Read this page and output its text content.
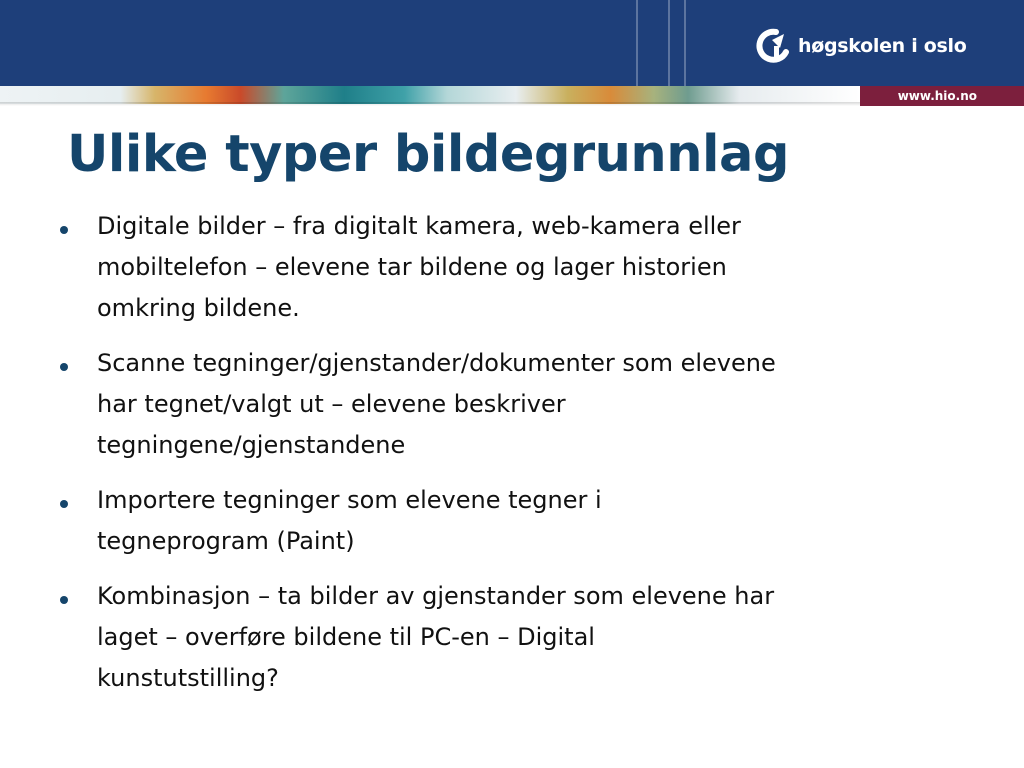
høgskolen i oslo
www.hio.no
Ulike typer bildegrunnlag
Digitale bilder – fra digitalt kamera, web-kamera eller
mobiltelefon – elevene tar bildene og lager historien
omkring bildene.
Scanne tegninger/gjenstander/dokumenter som elevene
har tegnet/valgt ut – elevene beskriver
tegningene/gjenstandene
Importere tegninger som elevene tegner i
tegneprogram (Paint)
Kombinasjon – ta bilder av gjenstander som elevene har
laget – overføre bildene til PC-en – Digital
kunstutstilling?
